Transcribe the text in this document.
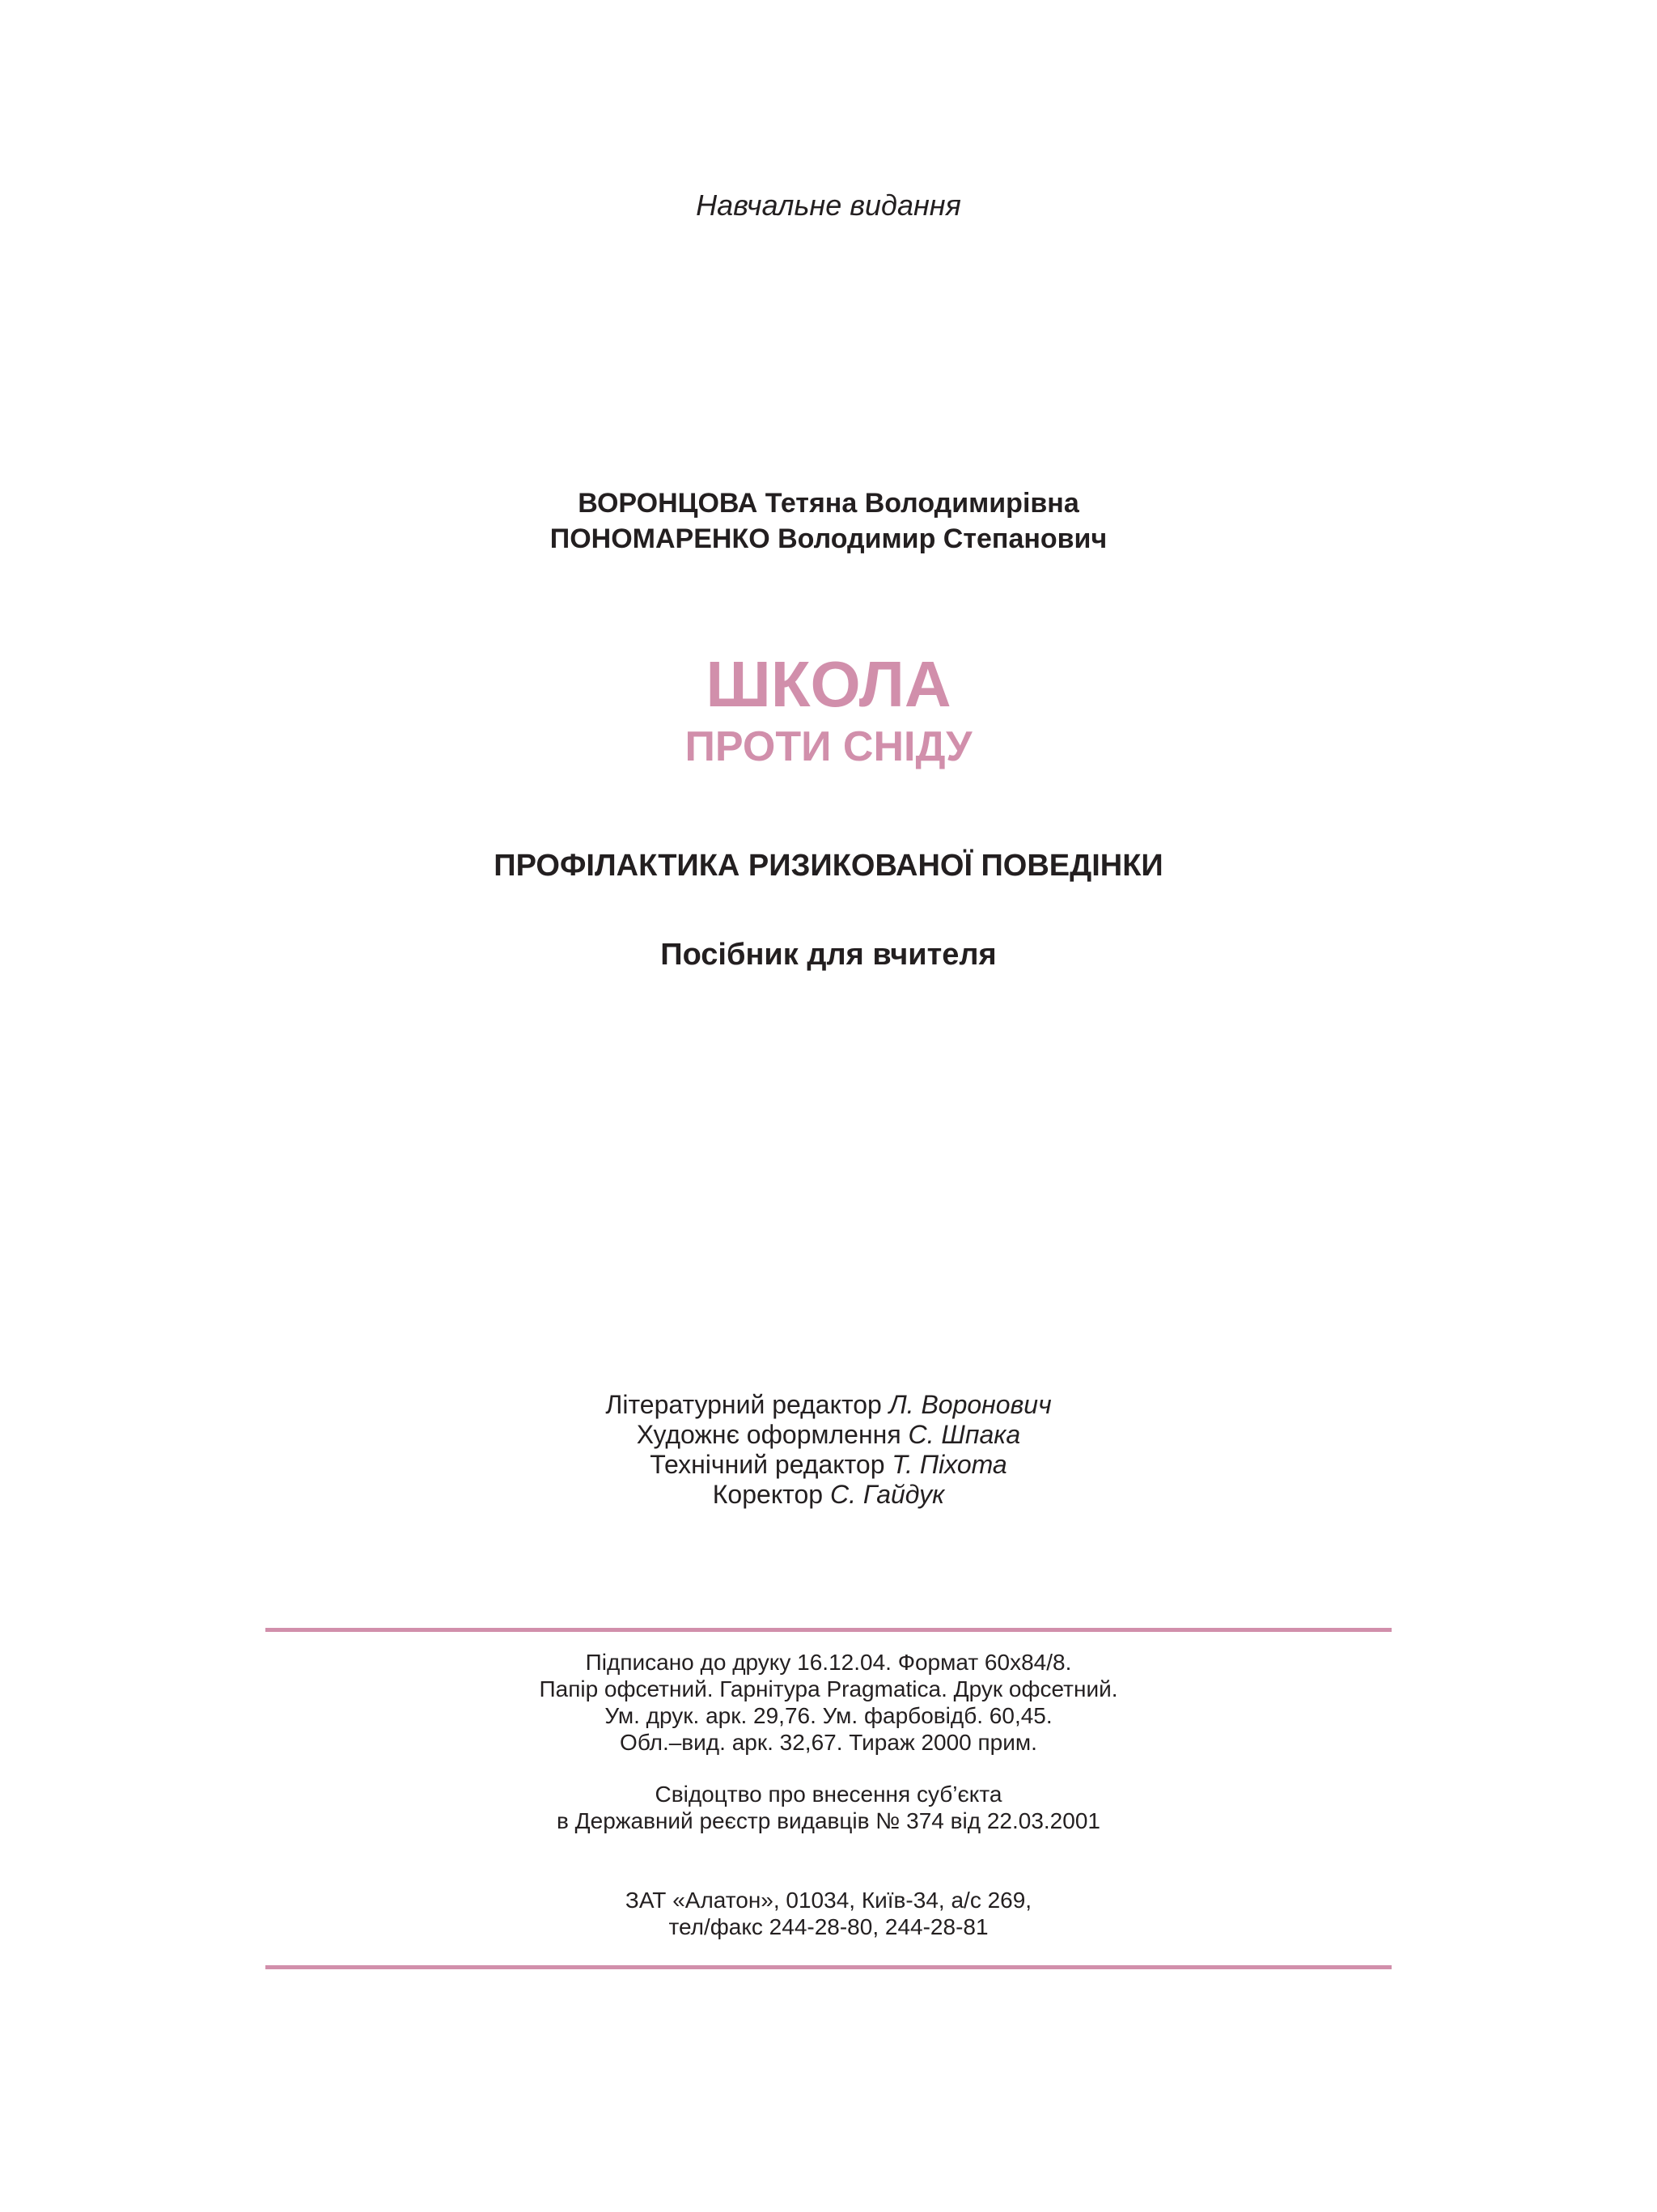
Навчальне видання
ВОРОНЦОВА Тетяна Володимирівна
ПОНОМАРЕНКО Володимир Степанович
ШКОЛА
ПРОТИ СНІДУ
ПРОФІЛАКТИКА РИЗИКОВАНОЇ ПОВЕДІНКИ
Посібник для вчителя
Літературний редактор Л. Воронович
Художнє оформлення С. Шпака
Технічний редактор Т. Піхота
Коректор С. Гайдук
Підписано до друку 16.12.04. Формат 60х84/8.
Папір офсетний. Гарнітура Pragmatica. Друк офсетний.
Ум. друк. арк. 29,76. Ум. фарбовідб. 60,45.
Обл.–вид. арк. 32,67. Тираж 2000 прим.
Свідоцтво про внесення суб’єкта
в Державний реєстр видавців № 374 від 22.03.2001
ЗАТ «Алатон», 01034, Київ-34, а/с 269,
тел/факс 244-28-80, 244-28-81
